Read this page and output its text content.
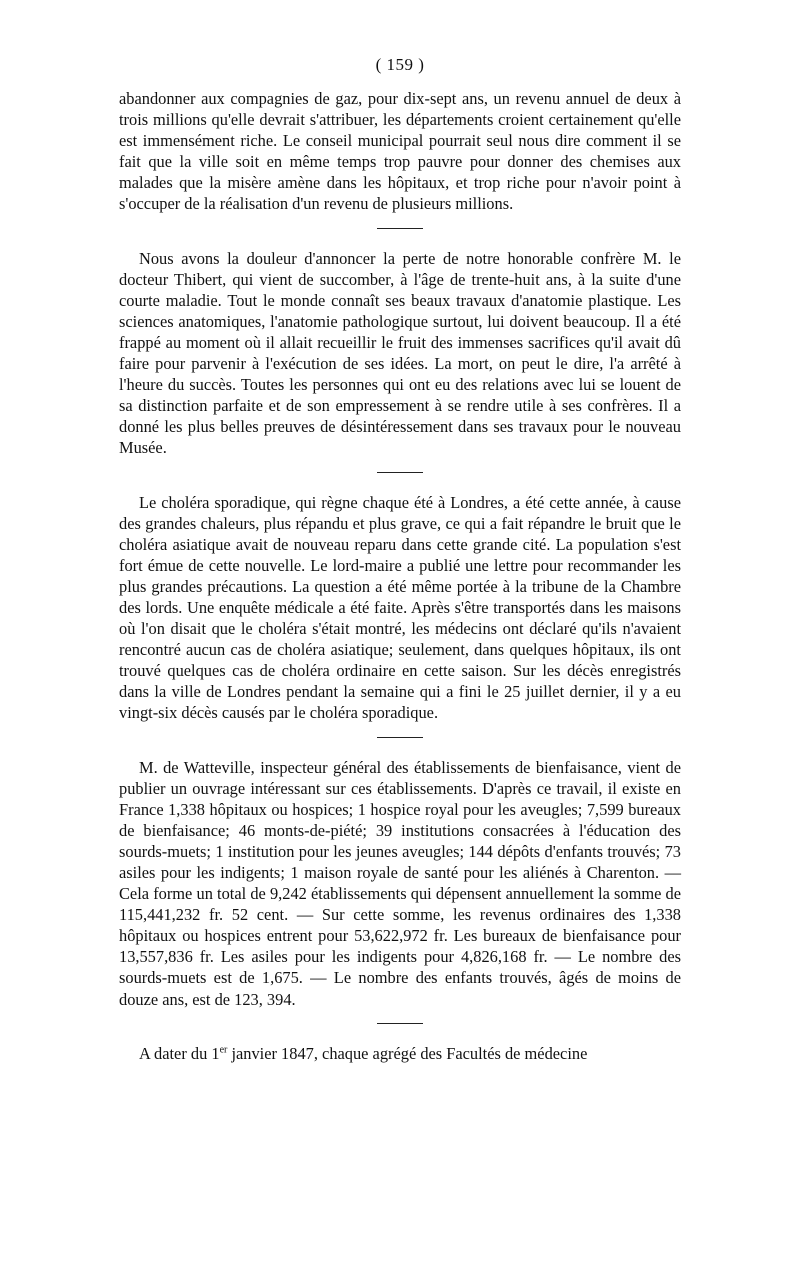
( 159 )

abandonner aux compagnies de gaz, pour dix-sept ans, un revenu annuel de deux à trois millions qu'elle devrait s'attribuer, les départements croient certainement qu'elle est immensément riche. Le conseil municipal pourrait seul nous dire comment il se fait que la ville soit en même temps trop pauvre pour donner des chemises aux malades que la misère amène dans les hôpitaux, et trop riche pour n'avoir point à s'occuper de la réalisation d'un revenu de plusieurs millions.

Nous avons la douleur d'annoncer la perte de notre honorable confrère M. le docteur Thibert, qui vient de succomber, à l'âge de trente-huit ans, à la suite d'une courte maladie. Tout le monde connaît ses beaux travaux d'anatomie plastique. Les sciences anatomiques, l'anatomie pathologique surtout, lui doivent beaucoup. Il a été frappé au moment où il allait recueillir le fruit des immenses sacrifices qu'il avait dû faire pour parvenir à l'exécution de ses idées. La mort, on peut le dire, l'a arrêté à l'heure du succès. Toutes les personnes qui ont eu des relations avec lui se louent de sa distinction parfaite et de son empressement à se rendre utile à ses confrères. Il a donné les plus belles preuves de désintéressement dans ses travaux pour le nouveau Musée.

Le choléra sporadique, qui règne chaque été à Londres, a été cette année, à cause des grandes chaleurs, plus répandu et plus grave, ce qui a fait répandre le bruit que le choléra asiatique avait de nouveau reparu dans cette grande cité. La population s'est fort émue de cette nouvelle. Le lord-maire a publié une lettre pour recommander les plus grandes précautions. La question a été même portée à la tribune de la Chambre des lords. Une enquête médicale a été faite. Après s'être transportés dans les maisons où l'on disait que le choléra s'était montré, les médecins ont déclaré qu'ils n'avaient rencontré aucun cas de choléra asiatique; seulement, dans quelques hôpitaux, ils ont trouvé quelques cas de choléra ordinaire en cette saison. Sur les décès enregistrés dans la ville de Londres pendant la semaine qui a fini le 25 juillet dernier, il y a eu vingt-six décès causés par le choléra sporadique.

M. de Watteville, inspecteur général des établissements de bienfaisance, vient de publier un ouvrage intéressant sur ces établissements. D'après ce travail, il existe en France 1,338 hôpitaux ou hospices; 1 hospice royal pour les aveugles; 7,599 bureaux de bienfaisance; 46 monts-de-piété; 39 institutions consacrées à l'éducation des sourds-muets; 1 institution pour les jeunes aveugles; 144 dépôts d'enfants trouvés; 73 asiles pour les indigents; 1 maison royale de santé pour les aliénés à Charenton. — Cela forme un total de 9,242 établissements qui dépensent annuellement la somme de 115,441,232 fr. 52 cent. — Sur cette somme, les revenus ordinaires des 1,338 hôpitaux ou hospices entrent pour 53,622,972 fr. Les bureaux de bienfaisance pour 13,557,836 fr. Les asiles pour les indigents pour 4,826,168 fr. — Le nombre des sourds-muets est de 1,675. — Le nombre des enfants trouvés, âgés de moins de douze ans, est de 123, 394.

A dater du 1er janvier 1847, chaque agrégé des Facultés de médecine
